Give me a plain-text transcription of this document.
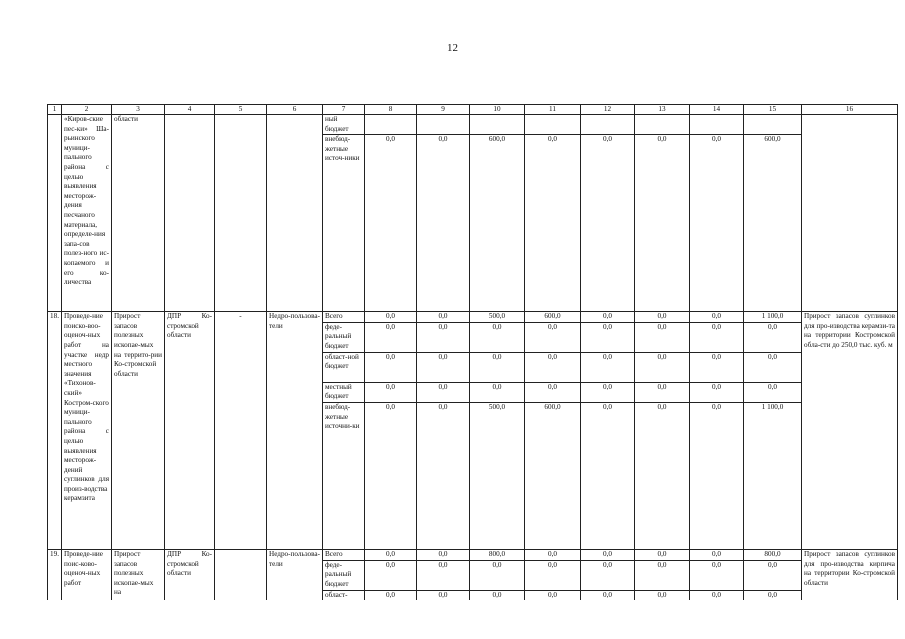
12
1	2	3	4	5	6	7	8	9	10	11	12	13	14	15	16
	«Киров-ские пес-ки» Ша-рьинского муници-пального района с целью выявления месторож-дения песчаного материала, определе-ния запа-сов полез-ного ис-копаемого и его ко-личества	области				ный бюджет									
						внебюд-жетные источ-ники	0,0	0,0	600,0	0,0	0,0	0,0	0,0	600,0	
18.	Проведе-ние поиско-воо-оценоч-ных работ на участке недр местного значения «Тихонов-ский» Костром-ского муници-пального района с целью выявления месторож-дений суглинков для произ-водства керамзита	Прирост запасов полезных ископае-мых на террито-рии Ко-стромской области	ДПР Ко-стромской области	-	Недро-пользова-тели	Всего	0,0	0,0	500,0	600,0	0,0	0,0	0,0	1 100,0	Прирост запасов суглинков для про-изводства керамзи-та на территории Костромской обла-сти до 250,0 тыс. куб. м
						феде-ральный бюджет	0,0	0,0	0,0	0,0	0,0	0,0	0,0	0,0	
						област-ной бюджет	0,0	0,0	0,0	0,0	0,0	0,0	0,0	0,0	
						местный бюджет	0,0	0,0	0,0	0,0	0,0	0,0	0,0	0,0	
						внебюд-жетные источни-ки	0,0	0,0	500,0	600,0	0,0	0,0	0,0	1 100,0	
19.	Проведе-ние поис-ково-оценоч-ных работ	Прирост запасов полезных ископае-мых на	ДПР Ко-стромской области		Недро-пользова-тели	Всего	0,0	0,0	800,0	0,0	0,0	0,0	0,0	800,0	Прирост запасов суглинков для про-изводства кирпича на территории Ко-стромской области
						феде-ральный бюджет	0,0	0,0	0,0	0,0	0,0	0,0	0,0	0,0	
						област-	0,0	0,0	0,0	0,0	0,0	0,0	0,0	0,0	
